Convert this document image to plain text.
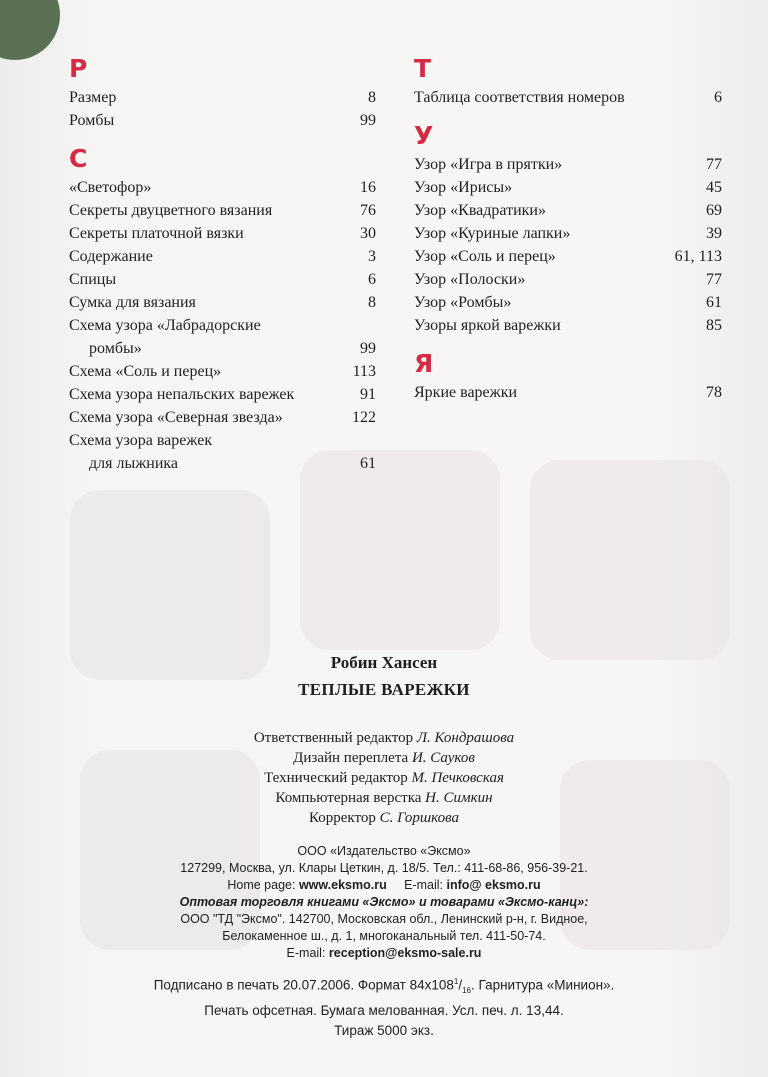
Р
Размер	8
Ромбы	99
С
«Светофор»	16
Секреты двуцветного вязания	76
Секреты платочной вязки	30
Содержание	3
Спицы	6
Сумка для вязания	8
Схема узора «Лабрадорские
ромбы»	99
Схема «Соль и перец»	113
Схема узора непальских варежек	91
Схема узора «Северная звезда»	122
Схема узора варежек
для лыжника	61
Т
Таблица соответствия номеров	6
У
Узор «Игра в прятки»	77
Узор «Ирисы»	45
Узор «Квадратики»	69
Узор «Куриные лапки»	39
Узор «Соль и перец»	61, 113
Узор «Полоски»	77
Узор «Ромбы»	61
Узоры яркой варежки	85
Я
Яркие варежки	78
Робин Хансен
ТЕПЛЫЕ ВАРЕЖКИ
Ответственный редактор Л. Кондрашова
Дизайн переплета И. Сауков
Технический редактор М. Печковская
Компьютерная верстка Н. Симкин
Корректор С. Горшкова
ООО «Издательство «Эксмо»
127299, Москва, ул. Клары Цеткин, д. 18/5. Тел.: 411-68-86, 956-39-21.
Home page: www.eksmo.ru E-mail: info@ eksmo.ru
Оптовая торговля книгами «Эксмо» и товарами «Эксмо-канц»:
ООО "ТД "Эксмо". 142700, Московская обл., Ленинский р-н, г. Видное,
Белокаменное ш., д. 1, многоканальный тел. 411-50-74.
E-mail: reception@eksmo-sale.ru
Подписано в печать 20.07.2006. Формат $84x108^1/_{16}$. Гарнитура «Минион».
Печать офсетная. Бумага мелованная. Усл. печ. л. 13,44.
Тираж 5000 экз.
